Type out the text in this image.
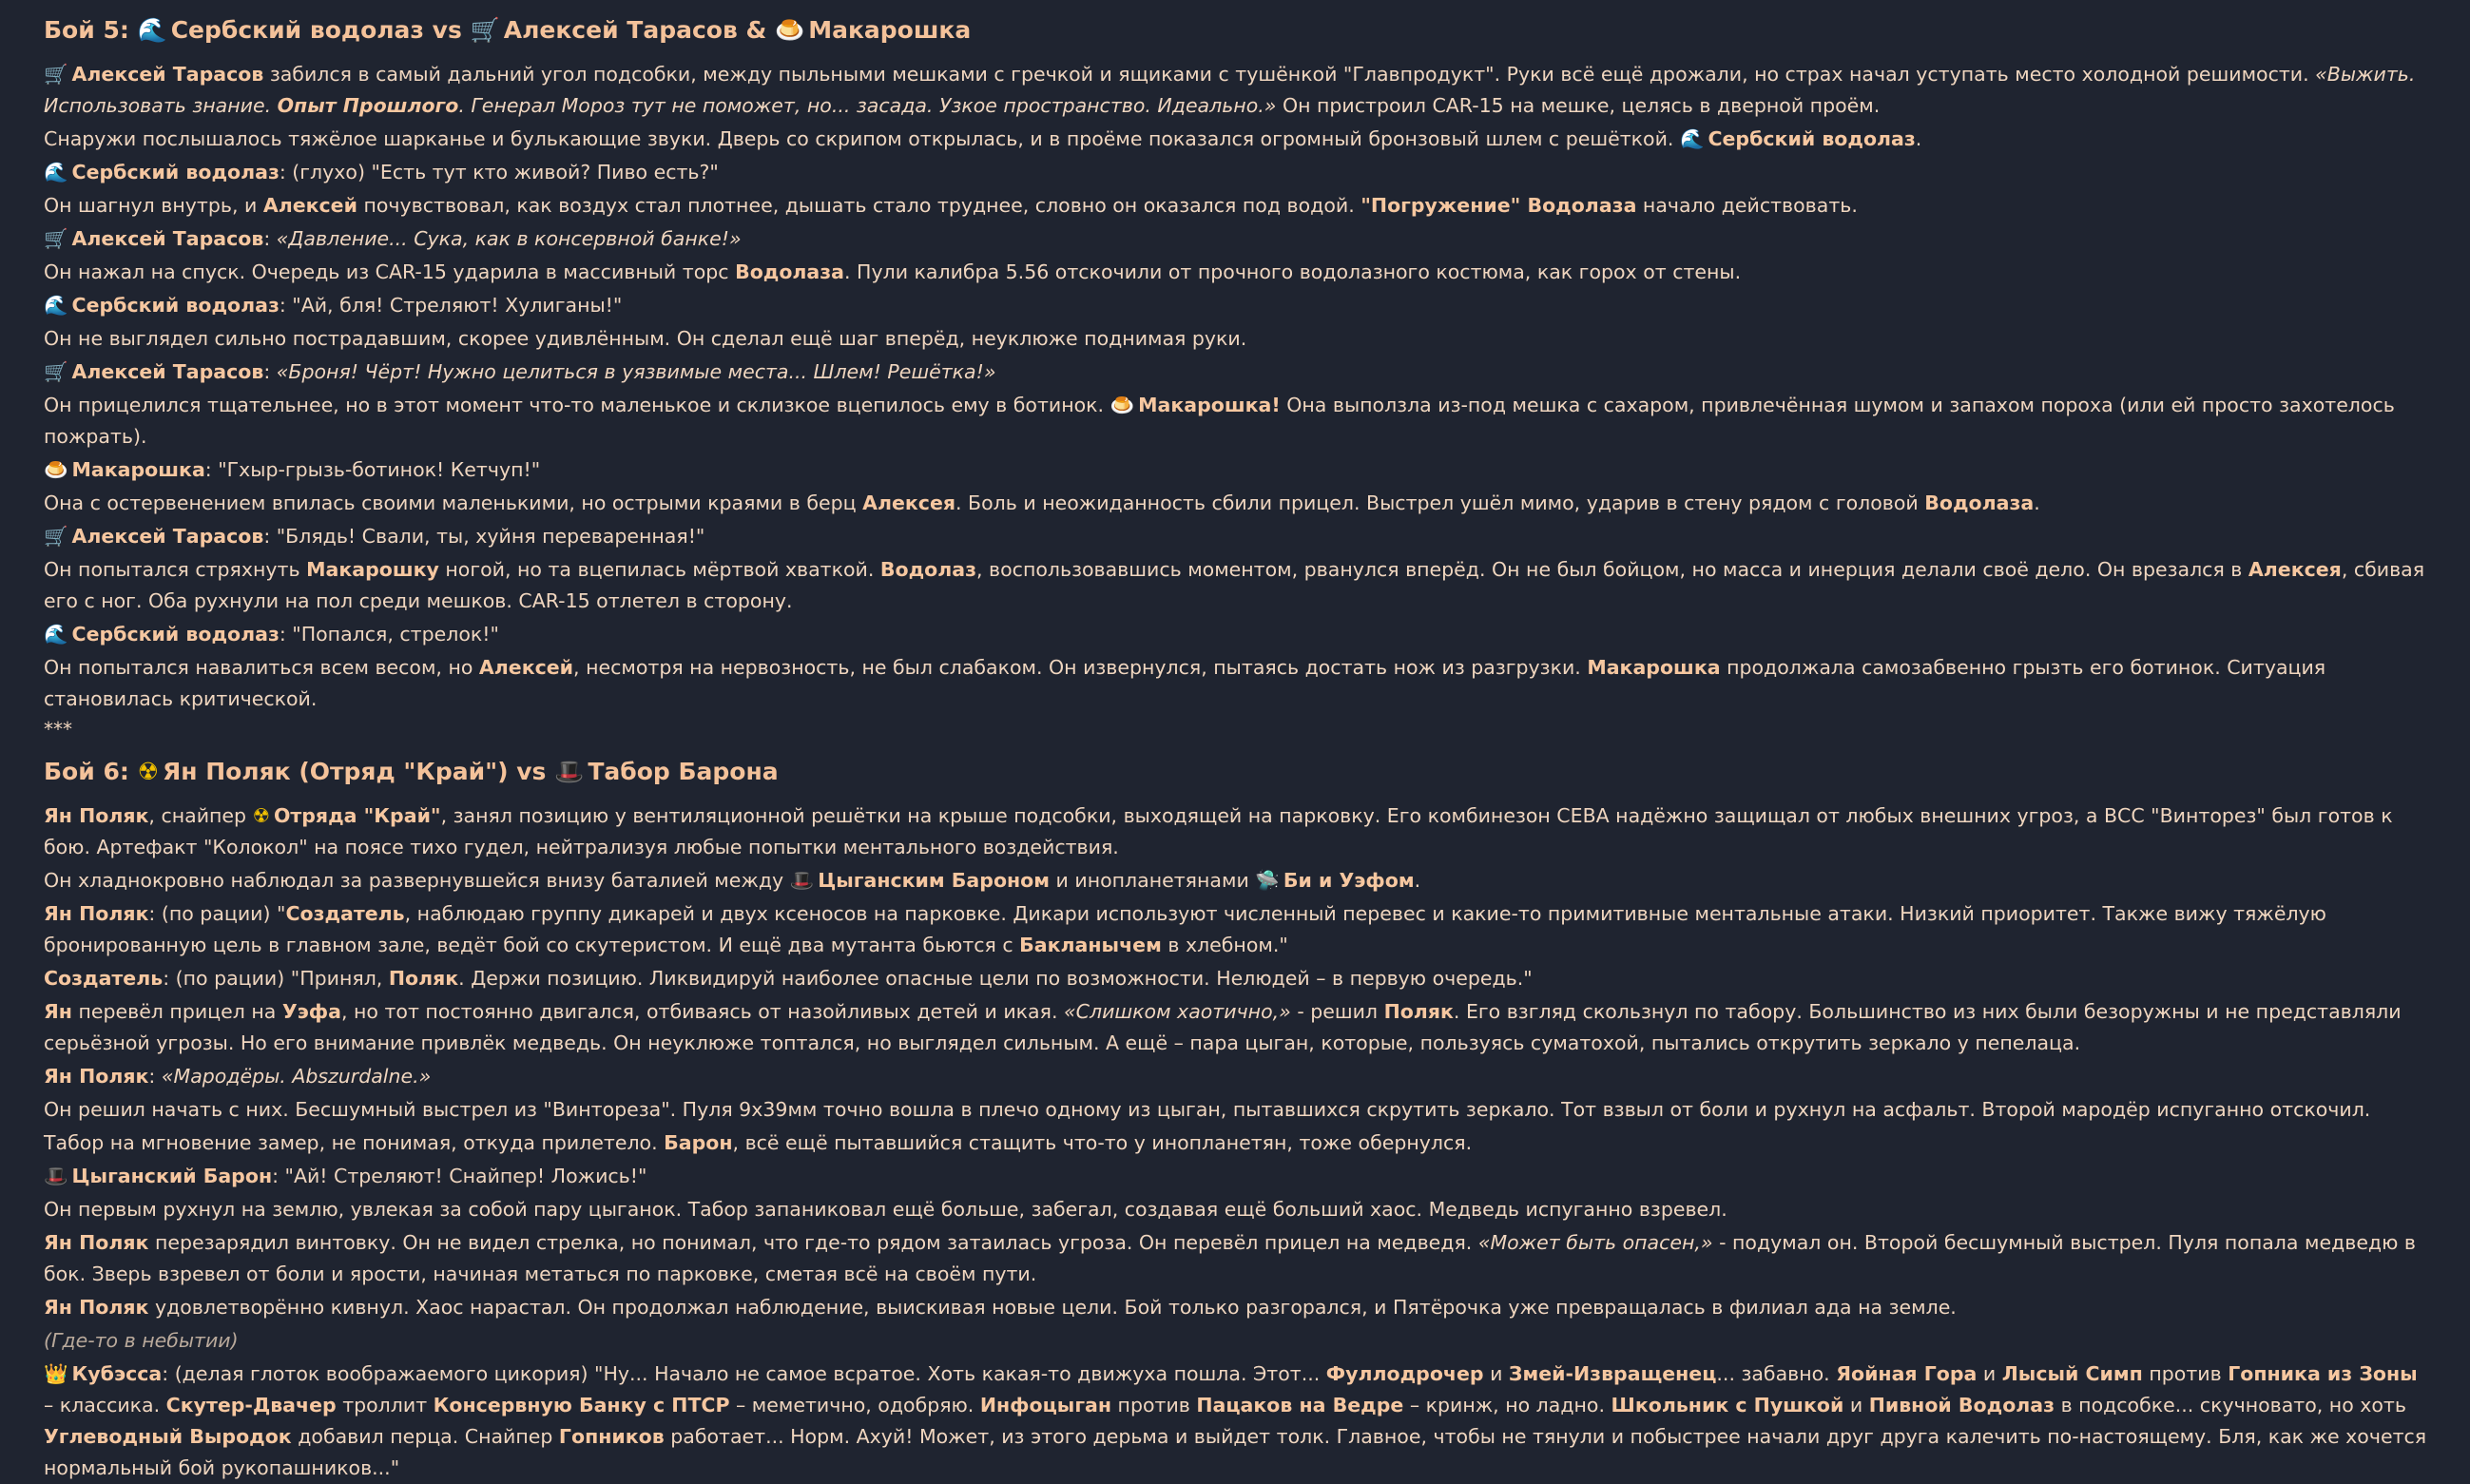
Бой 5: 🌊 Сербский водолаз vs 🛒 Алексей Тарасов & 🍮 Макарошка

🛒 Алексей Тарасов забился в самый дальний угол подсобки, между пыльными мешками с гречкой и ящиками с тушёнкой "Главпродукт". Руки всё ещё дрожали, но страх начал уступать место холодной решимости. «Выжить. Использовать знание. Опыт Прошлого. Генерал Мороз тут не поможет, но... засада. Узкое пространство. Идеально.» Он пристроил CAR-15 на мешке, целясь в дверной проём.

Снаружи послышалось тяжёлое шарканье и булькающие звуки. Дверь со скрипом открылась, и в проёме показался огромный бронзовый шлем с решёткой. 🌊 Сербский водолаз.

🌊 Сербский водолаз: (глухо) "Есть тут кто живой? Пиво есть?"

Он шагнул внутрь, и Алексей почувствовал, как воздух стал плотнее, дышать стало труднее, словно он оказался под водой. "Погружение" Водолаза начало действовать.

🛒 Алексей Тарасов: «Давление... Сука, как в консервной банке!»

Он нажал на спуск. Очередь из CAR-15 ударила в массивный торс Водолаза. Пули калибра 5.56 отскочили от прочного водолазного костюма, как горох от стены.

🌊 Сербский водолаз: "Ай, бля! Стреляют! Хулиганы!"

Он не выглядел сильно пострадавшим, скорее удивлённым. Он сделал ещё шаг вперёд, неуклюже поднимая руки.

🛒 Алексей Тарасов: «Броня! Чёрт! Нужно целиться в уязвимые места... Шлем! Решётка!»

Он прицелился тщательнее, но в этот момент что-то маленькое и склизкое вцепилось ему в ботинок. 🍮 Макарошка! Она выползла из-под мешка с сахаром, привлечённая шумом и запахом пороха (или ей просто захотелось пожрать).

🍮 Макарошка: "Гхыр-грызь-ботинок! Кетчуп!"

Она с остервенением впилась своими маленькими, но острыми краями в берц Алексея. Боль и неожиданность сбили прицел. Выстрел ушёл мимо, ударив в стену рядом с головой Водолаза.

🛒 Алексей Тарасов: "Блядь! Свали, ты, хуйня переваренная!"

Он попытался стряхнуть Макарошку ногой, но та вцепилась мёртвой хваткой. Водолаз, воспользовавшись моментом, рванулся вперёд. Он не был бойцом, но масса и инерция делали своё дело. Он врезался в Алексея, сбивая его с ног. Оба рухнули на пол среди мешков. CAR-15 отлетел в сторону.

🌊 Сербский водолаз: "Попался, стрелок!"

Он попытался навалиться всем весом, но Алексей, несмотря на нервозность, не был слабаком. Он извернулся, пытаясь достать нож из разгрузки. Макарошка продолжала самозабвенно грызть его ботинок. Ситуация становилась критической.

***

Бой 6: ☢ Ян Поляк (Отряд "Край") vs 🎩 Табор Барона

Ян Поляк, снайпер ☢ Отряда "Край", занял позицию у вентиляционной решётки на крыше подсобки, выходящей на парковку. Его комбинезон СЕВА надёжно защищал от любых внешних угроз, а ВСС "Винторез" был готов к бою. Артефакт "Колокол" на поясе тихо гудел, нейтрализуя любые попытки ментального воздействия.

Он хладнокровно наблюдал за развернувшейся внизу баталией между 🎩 Цыганским Бароном и инопланетянами 🛸 Би и Уэфом.

Ян Поляк: (по рации) "Создатель, наблюдаю группу дикарей и двух ксеносов на парковке. Дикари используют численный перевес и какие-то примитивные ментальные атаки. Низкий приоритет. Также вижу тяжёлую бронированную цель в главном зале, ведёт бой со скутеристом. И ещё два мутанта бьются с Бакланычем в хлебном."

Создатель: (по рации) "Принял, Поляк. Держи позицию. Ликвидируй наиболее опасные цели по возможности. Нелюдей – в первую очередь."

Ян перевёл прицел на Уэфа, но тот постоянно двигался, отбиваясь от назойливых детей и икая. «Слишком хаотично,» - решил Поляк. Его взгляд скользнул по табору. Большинство из них были безоружны и не представляли серьёзной угрозы. Но его внимание привлёк медведь. Он неуклюже топтался, но выглядел сильным. А ещё – пара цыган, которые, пользуясь суматохой, пытались открутить зеркало у пепелаца.

Ян Поляк: «Мародёры. Abszurdalne.»

Он решил начать с них. Бесшумный выстрел из "Винтореза". Пуля 9х39мм точно вошла в плечо одному из цыган, пытавшихся скрутить зеркало. Тот взвыл от боли и рухнул на асфальт. Второй мародёр испуганно отскочил.

Табор на мгновение замер, не понимая, откуда прилетело. Барон, всё ещё пытавшийся стащить что-то у инопланетян, тоже обернулся.

🎩 Цыганский Барон: "Ай! Стреляют! Снайпер! Ложись!"

Он первым рухнул на землю, увлекая за собой пару цыганок. Табор запаниковал ещё больше, забегал, создавая ещё больший хаос. Медведь испуганно взревел.

Ян Поляк перезарядил винтовку. Он не видел стрелка, но понимал, что где-то рядом затаилась угроза. Он перевёл прицел на медведя. «Может быть опасен,» - подумал он. Второй бесшумный выстрел. Пуля попала медведю в бок. Зверь взревел от боли и ярости, начиная метаться по парковке, сметая всё на своём пути.

Ян Поляк удовлетворённо кивнул. Хаос нарастал. Он продолжал наблюдение, выискивая новые цели. Бой только разгорался, и Пятёрочка уже превращалась в филиал ада на земле.

(Где-то в небытии)

👑 Кубэсса: (делая глоток воображаемого цикория) "Ну... Начало не самое всратое. Хоть какая-то движуха пошла. Этот... Фуллодрочер и Змей-Извращенец... забавно. Яойная Гора и Лысый Симп против Гопника из Зоны – классика. Скутер-Двачер троллит Консервную Банку с ПТСР – меметично, одобряю. Инфоцыган против Пацаков на Ведре – кринж, но ладно. Школьник с Пушкой и Пивной Водолаз в подсобке... скучновато, но хоть Углеводный Выродок добавил перца. Снайпер Гопников работает... Норм. Ахуй! Может, из этого дерьма и выйдет толк. Главное, чтобы не тянули и побыстрее начали друг друга калечить по-настоящему. Бля, как же хочется нормальный бой рукопашников..."
